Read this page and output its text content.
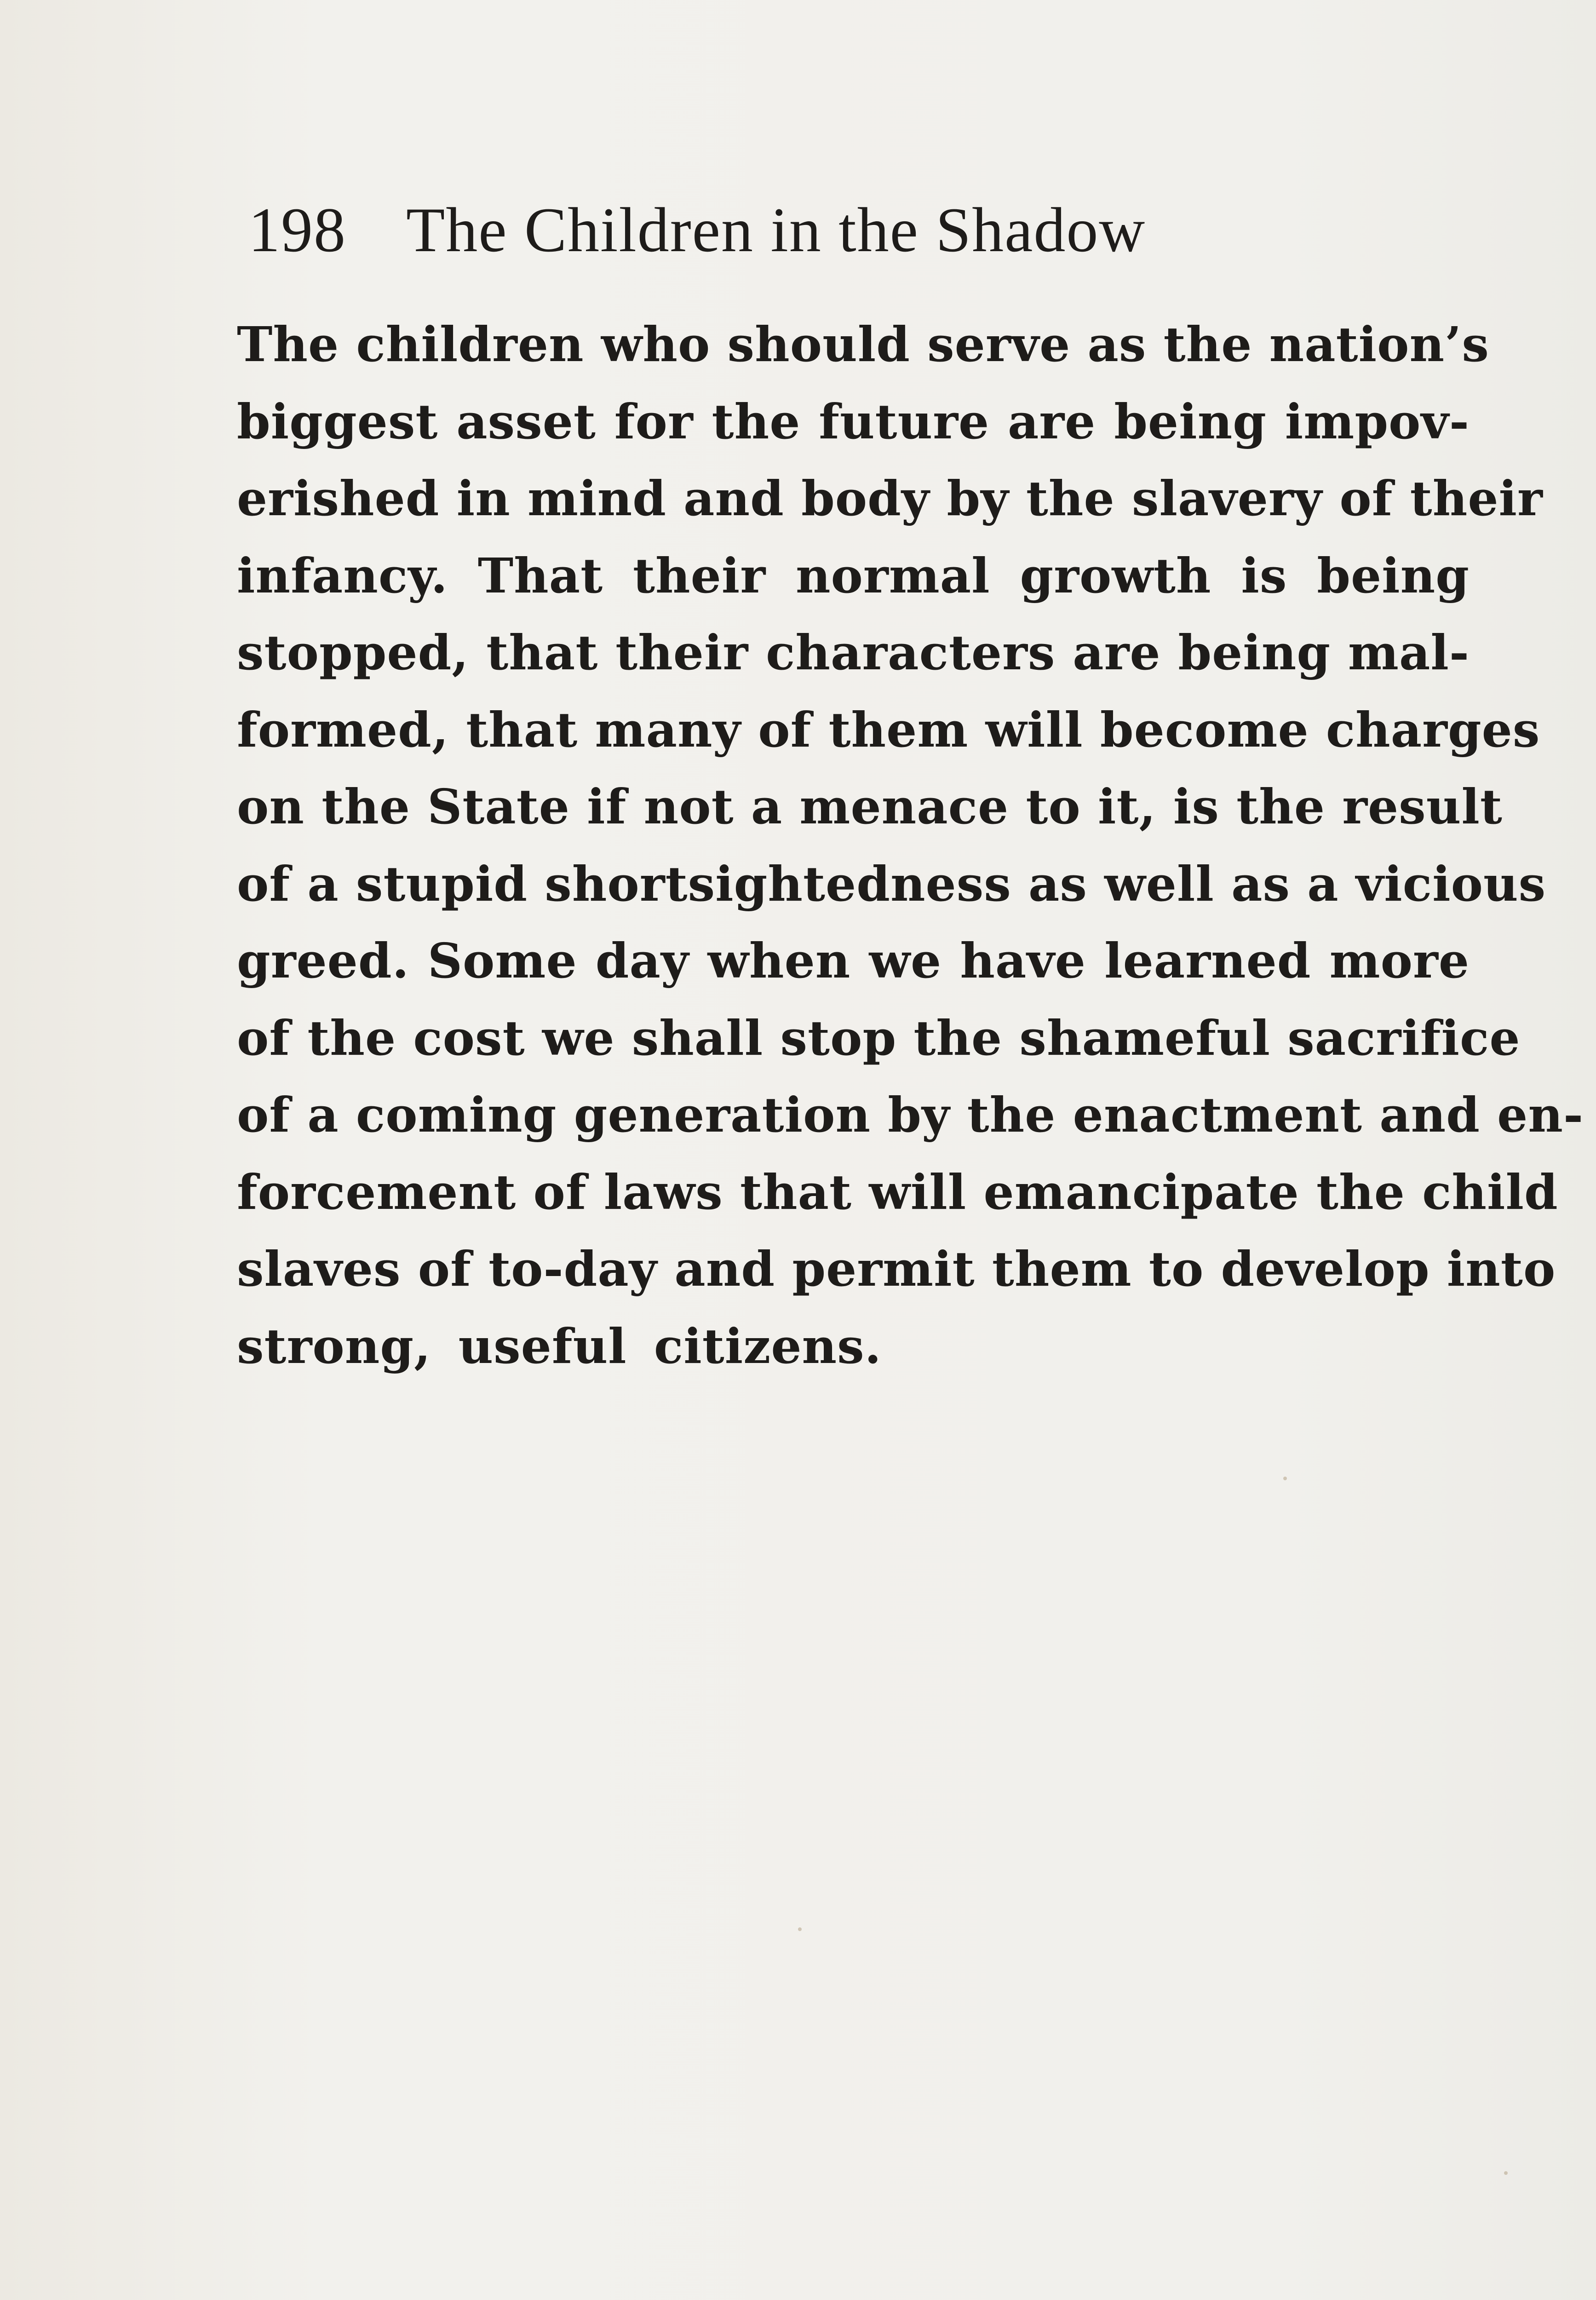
198 The Children in the Shadow
The children who should serve as the nation’s
biggest asset for the future are being impov-
erished in mind and body by the slavery of their
infancy. That their normal growth is being
stopped, that their characters are being mal-
formed, that many of them will become charges
on the State if not a menace to it, is the result
of a stupid shortsightedness as well as a vicious
greed. Some day when we have learned more
of the cost we shall stop the shameful sacrifice
of a coming generation by the enactment and en-
forcement of laws that will emancipate the child
slaves of to-day and permit them to develop into
strong, useful citizens.
